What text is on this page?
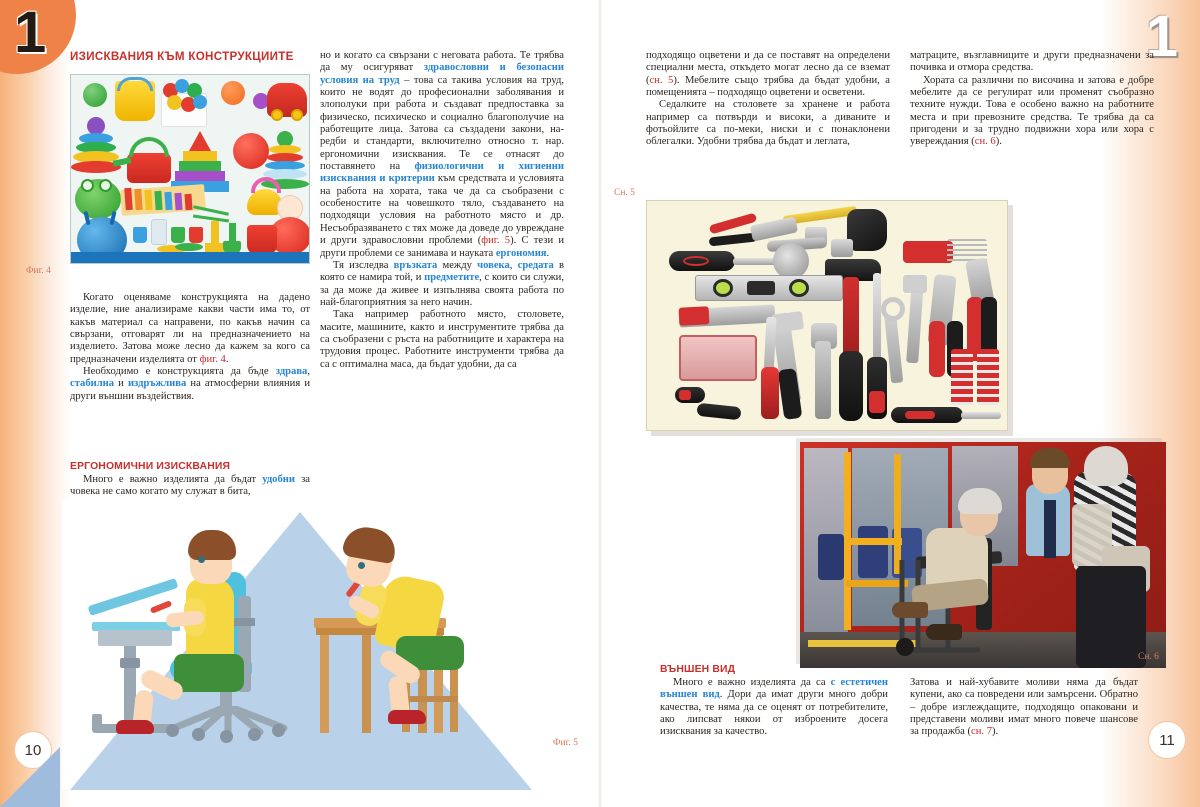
1	1
10
11
ИЗИСКВАНИЯ КЪМ КОНСТРУКЦИИТЕ
Фиг. 4

Когато оценяваме конструкцията на дадено изделие, ние анализираме какви части има то, от какъв материал са направени, по какъв начин са свързани, отговарят ли на предназначението на изделието. Затова може лесно да кажем за кого са предназначени изделията от фиг. 4.

Необходимо е конструкцията да бъде здрава, стабилна и издръжлива на атмосферни влияния и други външни въздействия.

ЕРГОНОМИЧНИ ИЗИСКВАНИЯ

Много е важно изделията да бъдат удобни за човека не само когато му служат в бита,

но и когато са свързани с неговата работа. Те трябва да му осигуряват здравословни и безопасни условия на труд – това са такива условия на труд, които не водят до професионални заболявания и злополуки при работа и създават предпоставка за физическо, психическо и социално благополучие на работещите лица. Затова са създадени закони, наредби и стандарти, включително относно т. нар. ергономични изисквания. Те се отнасят до поставянето на физиологични и хигиенни изисквания и критерии към средствата и условията на работа на хората, така че да са съобразени с особеностите на човешкото тяло, създаването на подходящи условия на работното място и др. Несъобразяването с тях може да доведе до увреждане и други здравословни проблеми (фиг. 5). С тези и други проблеми се занимава и науката ергономия.

Тя изследва връзката между човека, средата в която се намира той, и предметите, с които си служи, за да може да живее и изпълнява своята работа по най-благоприятния за него начин.

Така например работното място, столовете, масите, машините, както и инструментите трябва да са съобразени с ръста на работниците и характера на трудовия процес. Работните инструменти трябва да са с оптимална маса, да бъдат удобни, да са

Фиг. 5

подходящо оцветени и да се поставят на определени специални места, откъдето могат лесно да се вземат (сн. 5). Мебелите също трябва да бъдат удобни, а помещенията – подходящо оцветени и осветени.

Седалките на столовете за хранене и работа например са потвърди и високи, а диваните и фотьойлите са по-меки, ниски и с понаклонени облегалки. Удобни трябва да бъдат и леглата,

матраците, възглавниците и други предназначени за почивка и отмора средства.

Хората са различни по височина и затова е добре мебелите да се регулират или променят съобразно техните нужди. Това е особено важно на работните места и при превозните средства. Те трябва да са пригодени и за трудно подвижни хора или хора с увереждания (сн. 6).

Сн. 5
Сн. 6
ВЪНШЕН ВИД

Много е важно изделията да са с естетичен външен вид. Дори да имат други много добри качества, те няма да се оценят от потребителите, ако липсват някои от изброените досега изисквания за качество.

Затова и най-хубавите моливи няма да бъдат купени, ако са повредени или замърсени. Обратно – добре изглеждащите, подходящо опаковани и представени моливи имат много повече шансове за продажба (сн. 7).
